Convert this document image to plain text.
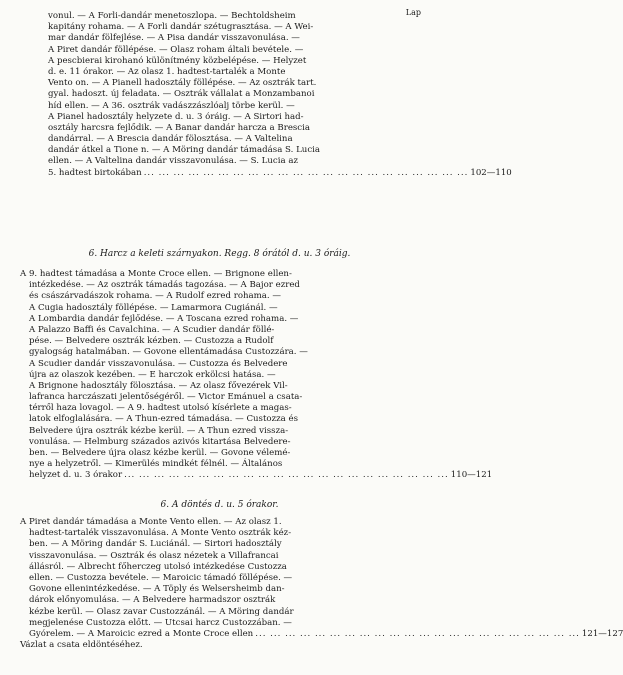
Lap
vonul. — A Forli-dandár menetoszlopa. — Bechtoldsheim
kapitány rohama. — A Forli dandár szétugrasztása. — A Wei-
mar dandár fölfejlése. — A Pisa dandár visszavonulása. —
A Piret dandár föllépése. — Olasz roham általi bevétele. —
A pescbierai kirohanó különítmény közbelépése. — Helyzet
d. e. 11 órakor. — Az olasz 1. hadtest-tartalék a Monte
Vento on. — A Pianell hadosztály föllépése. — Az osztrák tart.
gyal. hadoszt. új feladata. — Osztrák vállalat a Monzambanoi
híd ellen. — A 36. osztrák vadászzászlóalj törbe kerül. —
A Pianel hadosztály helyzete d. u. 3 óráig. — A Sirtori had-
osztály harcsra fejlődik. — A Banar dandár harcza a Brescia
dandárral. — A Brescia dandár fölosztása. — A Valtelina
dandár átkel a Tione n. — A Möring dandár támadása S. Lucia
ellen. — A Valtelina dandár visszavonulása. — S. Lucia az
5. hadtest birtokában ... ... ... ... ... ... ... ... ... ... ... ... ... ... ... ... ... ... ... ... ... ... 102—110
6. Harcz a keleti szárnyakon. Regg. 8 órától d. u. 3 óráig.
A 9. hadtest támadása a Monte Croce ellen. — Brignone ellen-
intézkedése. — Az osztrák támadás tagozása. — A Bajor ezred
és császárvadászok rohama. — A Rudolf ezred rohama. —
A Cugia hadosztály föllépése. — Lamarmora Cugiánál. —
A Lombardia dandár fejlődése. — A Toscana ezred rohama. —
A Palazzo Baffi és Cavalchina. — A Scudier dandár föllé-
pése. — Belvedere osztrák kézben. — Custozza a Rudolf
gyalogság hatalmában. — Govone ellentámadása Custozzára. —
A Scudier dandár visszavonulása. — Custozza és Belvedere
újra az olaszok kezében. — E harczok erkölcsi hatása. —
A Brignone hadosztály fölosztása. — Az olasz fővezérek Vil-
lafranca harczászati jelentőségéről. — Victor Emánuel a csata-
térről haza lovagol. — A 9. hadtest utolsó kísérlete a magas-
latok elfoglalására. — A Thun-ezred támadása. — Custozza és
Belvedere újra osztrák kézbe kerül. — A Thun ezred vissza-
vonulása. — Helmburg százados azivós kitartása Belvedere-
ben. — Belvedere újra olasz kézbe kerül. — Govone vélemé-
nye a helyzetről. — Kimerülés mindkét félnél. — Általános
helyzet d. u. 3 órakor ... ... ... ... ... ... ... ... ... ... ... ... ... ... ... ... ... ... ... ... ... ... 110—121
6. A döntés d. u. 5 órakor.
A Piret dandár támadása a Monte Vento ellen. — Az olasz 1.
hadtest-tartalék visszavonulása. A Monte Vento osztrák kéz-
ben. — A Möring dandár S. Luciánál. — Sirtori hadosztály
visszavonulása. — Osztrák és olasz nézetek a Villafrancai
állásról. — Albrecht főherczeg utolsó intézkedése Custozza
ellen. — Custozza bevétele. — Maroicic támadó föllépése. —
Govone ellenintézkedése. — A Töply és Welsersheimb dan-
dárok előnyomulása. — A Belvedere harmadszor osztrák
kézbe kerül. — Olasz zavar Custozzánál. — A Möring dandár
megjelenése Custozza előtt. — Utcsai harcz Custozzában. —
Gyórelem. — A Maroicic ezred a Monte Croce ellen ... ... ... ... ... ... ... ... ... ... ... ... ... ... ... ... ... ... ... ... ... ... 121—127
Vázlat a csata eldöntéséhez.
